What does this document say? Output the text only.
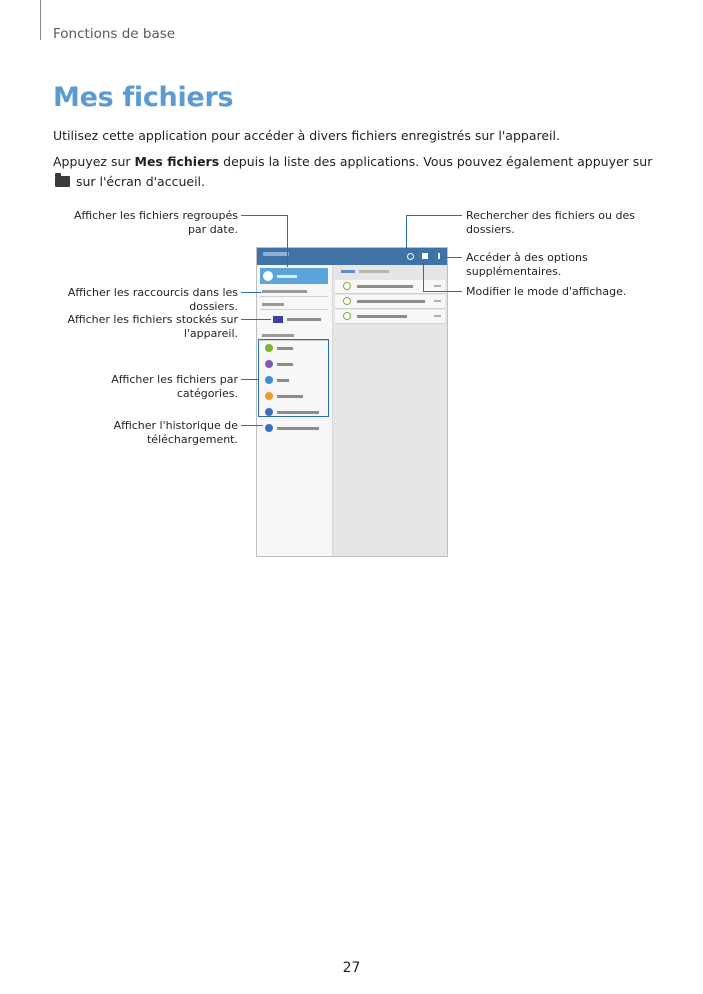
Fonctions de base
Mes fichiers
Utilisez cette application pour accéder à divers fichiers enregistrés sur l'appareil.
Appuyez sur Mes fichiers depuis la liste des applications. Vous pouvez également appuyer sur  sur l'écran d'accueil.
Afficher les fichiers regroupés par date.
Afficher les raccourcis dans les dossiers.
Afficher les fichiers stockés sur l'appareil.
Afficher les fichiers par catégories.
Afficher l'historique de téléchargement.
Rechercher des fichiers ou des dossiers.
Accéder à des options supplémentaires.
Modifier le mode d'affichage.
27
